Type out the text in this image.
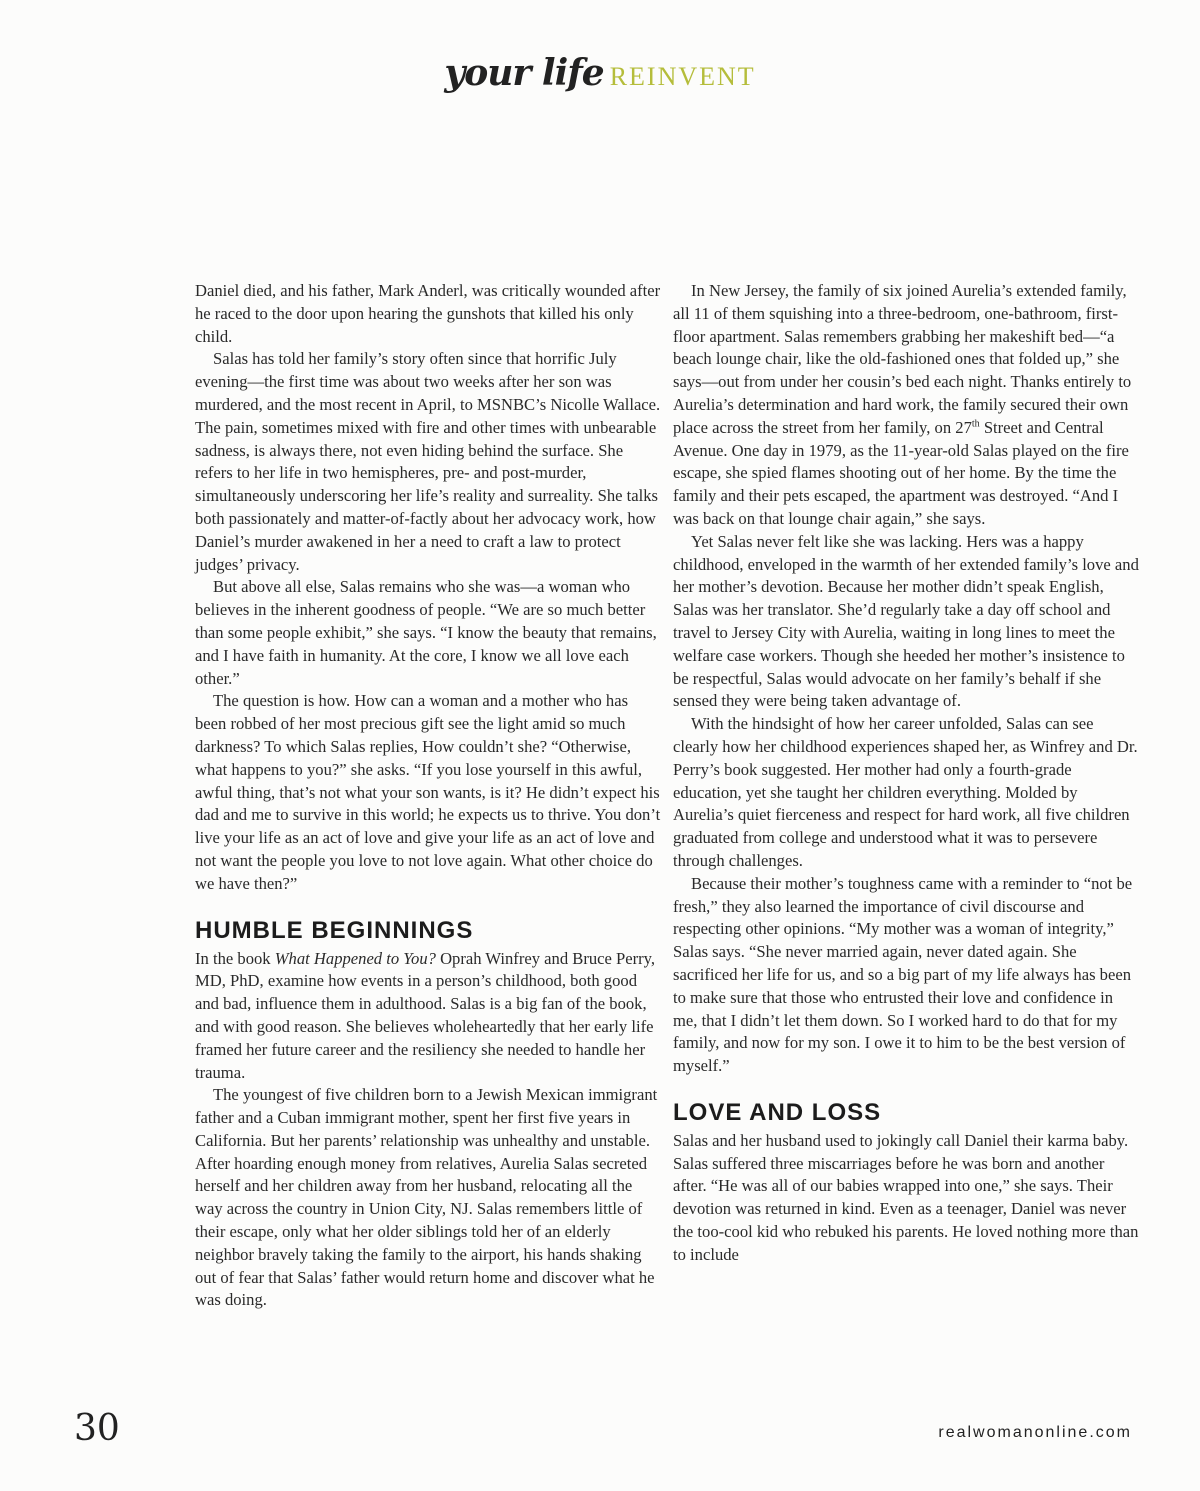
your life REINVENT

Daniel died, and his father, Mark Anderl, was critically wounded after he raced to the door upon hearing the gunshots that killed his only child.

Salas has told her family’s story often since that horrific July evening—the first time was about two weeks after her son was murdered, and the most recent in April, to MSNBC’s Nicolle Wallace. The pain, sometimes mixed with fire and other times with unbearable sadness, is always there, not even hiding behind the surface. She refers to her life in two hemispheres, pre- and post-murder, simultaneously underscoring her life’s reality and surreality. She talks both passionately and matter-of-factly about her advocacy work, how Daniel’s murder awakened in her a need to craft a law to protect judges’ privacy.

But above all else, Salas remains who she was—a woman who believes in the inherent goodness of people. “We are so much better than some people exhibit,” she says. “I know the beauty that remains, and I have faith in humanity. At the core, I know we all love each other.”

The question is how. How can a woman and a mother who has been robbed of her most precious gift see the light amid so much darkness? To which Salas replies, How couldn’t she? “Otherwise, what happens to you?” she asks. “If you lose yourself in this awful, awful thing, that’s not what your son wants, is it? He didn’t expect his dad and me to survive in this world; he expects us to thrive. You don’t live your life as an act of love and give your life as an act of love and not want the people you love to not love again. What other choice do we have then?”

HUMBLE BEGINNINGS

In the book What Happened to You? Oprah Winfrey and Bruce Perry, MD, PhD, examine how events in a person’s childhood, both good and bad, influence them in adulthood. Salas is a big fan of the book, and with good reason. She believes wholeheartedly that her early life framed her future career and the resiliency she needed to handle her trauma.

The youngest of five children born to a Jewish Mexican immigrant father and a Cuban immigrant mother, spent her first five years in California. But her parents’ relationship was unhealthy and unstable. After hoarding enough money from relatives, Aurelia Salas secreted herself and her children away from her husband, relocating all the way across the country in Union City, NJ. Salas remembers little of their escape, only what her older siblings told her of an elderly neighbor bravely taking the family to the airport, his hands shaking out of fear that Salas’ father would return home and discover what he was doing.

In New Jersey, the family of six joined Aurelia’s extended family, all 11 of them squishing into a three-bedroom, one-bathroom, first-floor apartment. Salas remembers grabbing her makeshift bed—“a beach lounge chair, like the old-fashioned ones that folded up,” she says—out from under her cousin’s bed each night. Thanks entirely to Aurelia’s determination and hard work, the family secured their own place across the street from her family, on 27th Street and Central Avenue. One day in 1979, as the 11-year-old Salas played on the fire escape, she spied flames shooting out of her home. By the time the family and their pets escaped, the apartment was destroyed. “And I was back on that lounge chair again,” she says.

Yet Salas never felt like she was lacking. Hers was a happy childhood, enveloped in the warmth of her extended family’s love and her mother’s devotion. Because her mother didn’t speak English, Salas was her translator. She’d regularly take a day off school and travel to Jersey City with Aurelia, waiting in long lines to meet the welfare case workers. Though she heeded her mother’s insistence to be respectful, Salas would advocate on her family’s behalf if she sensed they were being taken advantage of.

With the hindsight of how her career unfolded, Salas can see clearly how her childhood experiences shaped her, as Winfrey and Dr. Perry’s book suggested. Her mother had only a fourth-grade education, yet she taught her children everything. Molded by Aurelia’s quiet fierceness and respect for hard work, all five children graduated from college and understood what it was to persevere through challenges.

Because their mother’s toughness came with a reminder to “not be fresh,” they also learned the importance of civil discourse and respecting other opinions. “My mother was a woman of integrity,” Salas says. “She never married again, never dated again. She sacrificed her life for us, and so a big part of my life always has been to make sure that those who entrusted their love and confidence in me, that I didn’t let them down. So I worked hard to do that for my family, and now for my son. I owe it to him to be the best version of myself.”

LOVE AND LOSS

Salas and her husband used to jokingly call Daniel their karma baby. Salas suffered three miscarriages before he was born and another after. “He was all of our babies wrapped into one,” she says. Their devotion was returned in kind. Even as a teenager, Daniel was never the too-cool kid who rebuked his parents. He loved nothing more than to include

30	realwomanonline.com
